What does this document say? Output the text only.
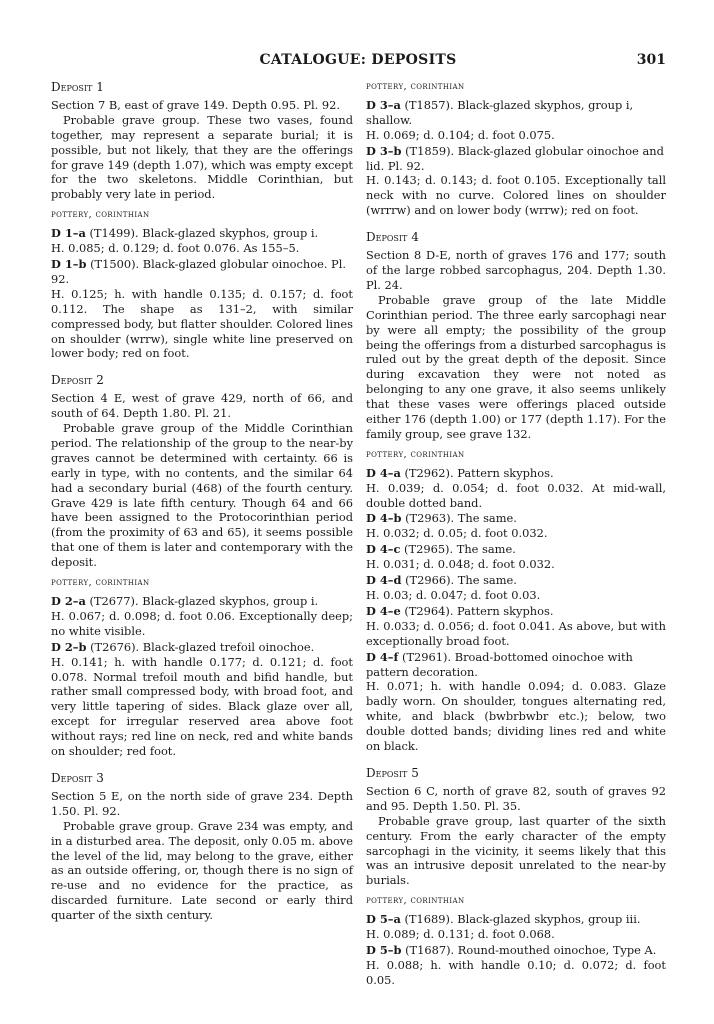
CATALOGUE: DEPOSITS	301
Deposit 1

Section 7 B, east of grave 149. Depth 0.95. Pl. 92.

Probable grave group. These two vases, found together, may represent a separate burial; it is possible, but not likely, that they are the offerings for grave 149 (depth 1.07), which was empty except for the two skeletons. Middle Corinthian, but probably very late in period.

pottery, corinthian

D 1–a (T1499). Black-glazed skyphos, group i.

H. 0.085; d. 0.129; d. foot 0.076. As 155–5.

D 1–b (T1500). Black-glazed globular oinochoe. Pl. 92.

H. 0.125; h. with handle 0.135; d. 0.157; d. foot 0.112. The shape as 131–2, with similar compressed body, but flatter shoulder. Colored lines on shoulder (wrrw), single white line preserved on lower body; red on foot.

Deposit 2

Section 4 E, west of grave 429, north of 66, and south of 64. Depth 1.80. Pl. 21.

Probable grave group of the Middle Corinthian period. The relationship of the group to the near-by graves cannot be determined with certainty. 66 is early in type, with no contents, and the similar 64 had a secondary burial (468) of the fourth century. Grave 429 is late fifth century. Though 64 and 66 have been assigned to the Protocorinthian period (from the proximity of 63 and 65), it seems possible that one of them is later and contemporary with the deposit.

pottery, corinthian

D 2–a (T2677). Black-glazed skyphos, group i.

H. 0.067; d. 0.098; d. foot 0.06. Exceptionally deep; no white visible.

D 2–b (T2676). Black-glazed trefoil oinochoe.

H. 0.141; h. with handle 0.177; d. 0.121; d. foot 0.078. Normal trefoil mouth and bifid handle, but rather small compressed body, with broad foot, and very little tapering of sides. Black glaze over all, except for irregular reserved area above foot without rays; red line on neck, red and white bands on shoulder; red foot.

Deposit 3

Section 5 E, on the north side of grave 234. Depth 1.50. Pl. 92.

Probable grave group. Grave 234 was empty, and in a disturbed area. The deposit, only 0.05 m. above the level of the lid, may belong to the grave, either as an outside offering, or, though there is no sign of re-use and no evidence for the practice, as discarded furniture. Late second or early third quarter of the sixth century.

pottery, corinthian

D 3–a (T1857). Black-glazed skyphos, group i, shallow.

H. 0.069; d. 0.104; d. foot 0.075.

D 3–b (T1859). Black-glazed globular oinochoe and lid. Pl. 92.

H. 0.143; d. 0.143; d. foot 0.105. Exceptionally tall neck with no curve. Colored lines on shoulder (wrrrw) and on lower body (wrrw); red on foot.

Deposit 4

Section 8 D-E, north of graves 176 and 177; south of the large robbed sarcophagus, 204. Depth 1.30. Pl. 24.

Probable grave group of the late Middle Corinthian period. The three early sarcophagi near by were all empty; the possibility of the group being the offerings from a disturbed sarcophagus is ruled out by the great depth of the deposit. Since during excavation they were not noted as belonging to any one grave, it also seems unlikely that these vases were offerings placed outside either 176 (depth 1.00) or 177 (depth 1.17). For the family group, see grave 132.

pottery, corinthian

D 4–a (T2962). Pattern skyphos.

H. 0.039; d. 0.054; d. foot 0.032. At mid-wall, double dotted band.

D 4–b (T2963). The same.

H. 0.032; d. 0.05; d. foot 0.032.

D 4–c (T2965). The same.

H. 0.031; d. 0.048; d. foot 0.032.

D 4–d (T2966). The same.

H. 0.03; d. 0.047; d. foot 0.03.

D 4–e (T2964). Pattern skyphos.

H. 0.033; d. 0.056; d. foot 0.041. As above, but with exceptionally broad foot.

D 4–f (T2961). Broad-bottomed oinochoe with pattern decoration.

H. 0.071; h. with handle 0.094; d. 0.083. Glaze badly worn. On shoulder, tongues alternating red, white, and black (bwbrbwbr etc.); below, two double dotted bands; dividing lines red and white on black.

Deposit 5

Section 6 C, north of grave 82, south of graves 92 and 95. Depth 1.50. Pl. 35.

Probable grave group, last quarter of the sixth century. From the early character of the empty sarcophagi in the vicinity, it seems likely that this was an intrusive deposit unrelated to the near-by burials.

pottery, corinthian

D 5–a (T1689). Black-glazed skyphos, group iii.

H. 0.089; d. 0.131; d. foot 0.068.

D 5–b (T1687). Round-mouthed oinochoe, Type A.

H. 0.088; h. with handle 0.10; d. 0.072; d. foot 0.05.
